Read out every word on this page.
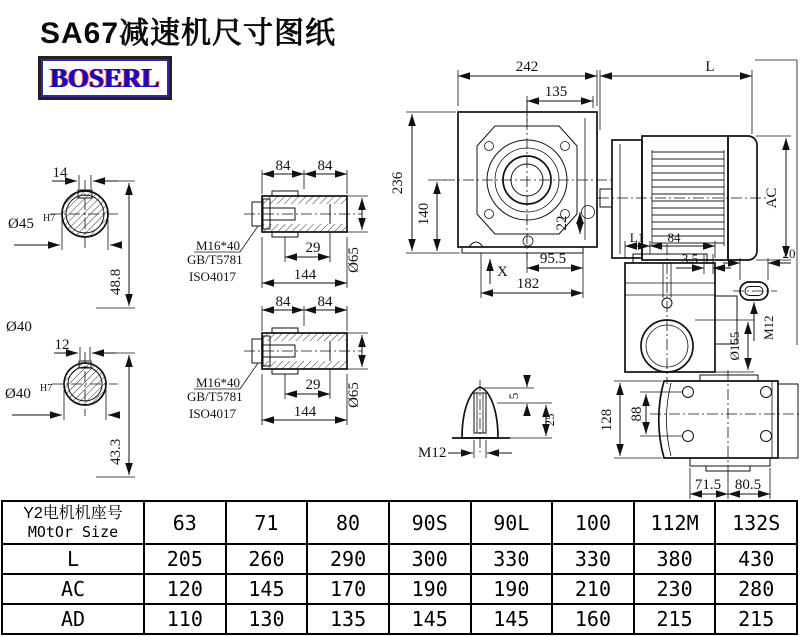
14
Ø45 H7
48.8
Ø40
12
Ø40 H7
43.3
84 84
29
144
Ø65
M16*40
GB/T5781
ISO4017
84 84
29
144
Ø65
M16*40
GB/T5781
ISO4017
242	L
135
236
140	22
95.5
182
X
AC
L1 84
3.5
Ø155
20
M12
5
25
M12
128 88
71.5 80.5
SA67减速机尺寸图纸
BOSERL
Y2电机机座号
MOtOr Size	63	71	80	90S	90L	100	112M	132S
L	205	260	290	300	330	330	380	430
AC	120	145	170	190	190	210	230	280
AD	110	130	135	145	145	160	215	215
